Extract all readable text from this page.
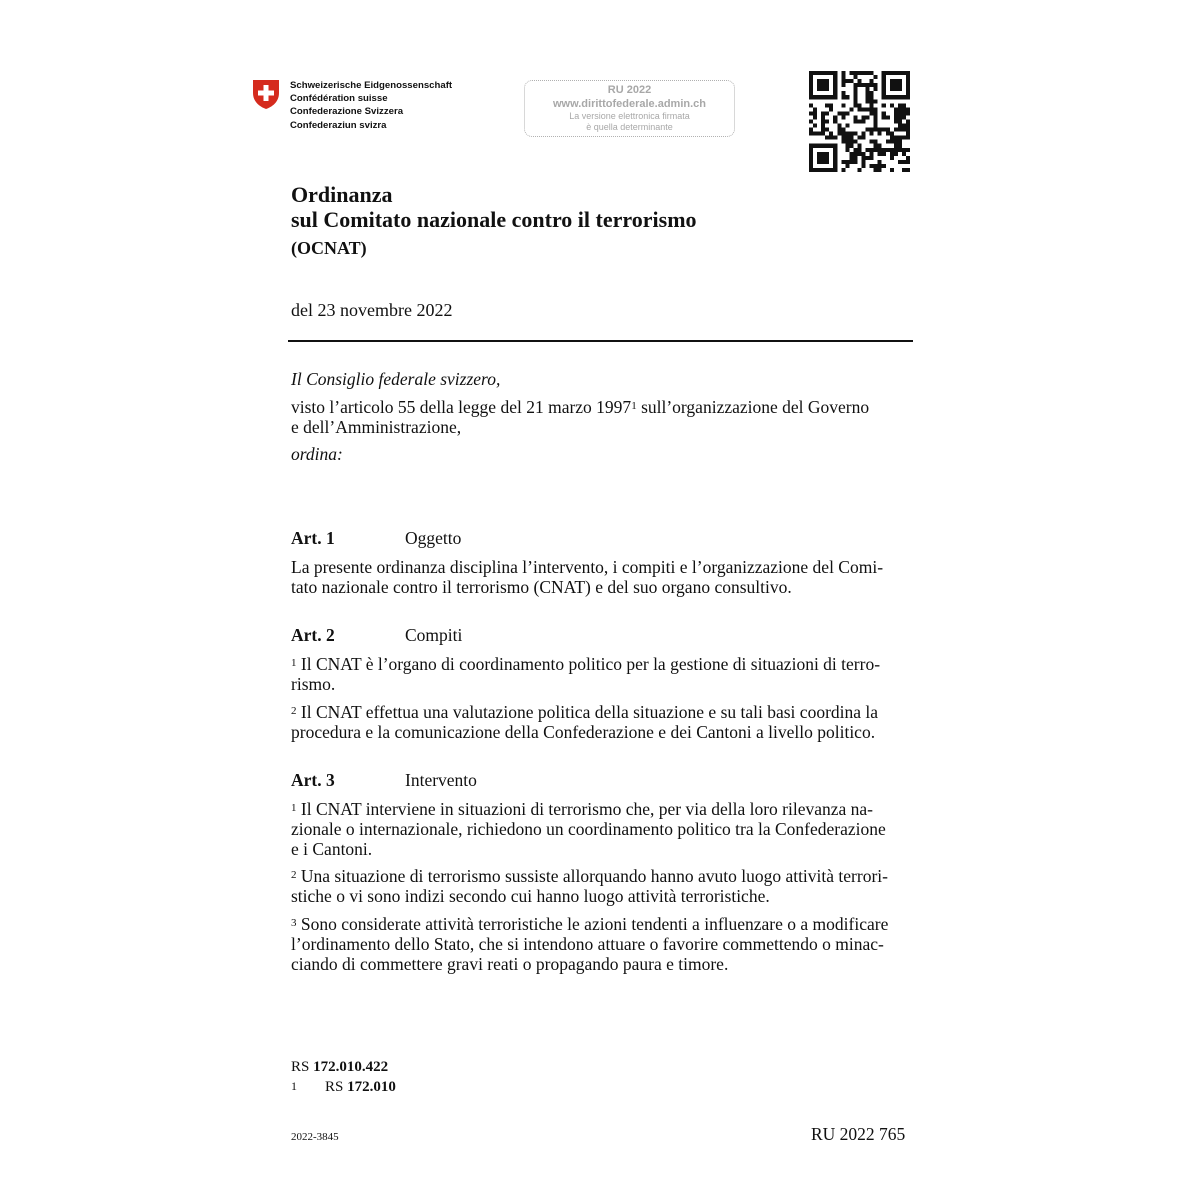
Schweizerische Eidgenossenschaft
Confédération suisse
Confederazione Svizzera
Confederaziun svizra
RU 2022
www.dirittofederale.admin.ch
La versione elettronica firmata
è quella determinante
Ordinanza
sul Comitato nazionale contro il terrorismo
(OCNAT)
del 23 novembre 2022
Il Consiglio federale svizzero,
visto l’articolo 55 della legge del 21 marzo 1997$^1$ sull’organizzazione del Governo
e dell’Amministrazione,
ordina:
Art. 1	Oggetto
La presente ordinanza disciplina l’intervento, i compiti e l’organizzazione del Comi-
tato nazionale contro il terrorismo (CNAT) e del suo organo consultivo.
Art. 2	Compiti
$^1$ Il CNAT è l’organo di coordinamento politico per la gestione di situazioni di terro-
rismo.
$^2$ Il CNAT effettua una valutazione politica della situazione e su tali basi coordina la
procedura e la comunicazione della Confederazione e dei Cantoni a livello politico.
Art. 3	Intervento
$^1$ Il CNAT interviene in situazioni di terrorismo che, per via della loro rilevanza na-
zionale o internazionale, richiedono un coordinamento politico tra la Confederazione
e i Cantoni.
$^2$ Una situazione di terrorismo sussiste allorquando hanno avuto luogo attività terrori-
stiche o vi sono indizi secondo cui hanno luogo attività terroristiche.
$^3$ Sono considerate attività terroristiche le azioni tendenti a influenzare o a modificare
l’ordinamento dello Stato, che si intendono attuare o favorire commettendo o minac-
ciando di commettere gravi reati o propagando paura e timore.
RS 172.010.422
1 RS 172.010
2022-3845	RU 2022 765
